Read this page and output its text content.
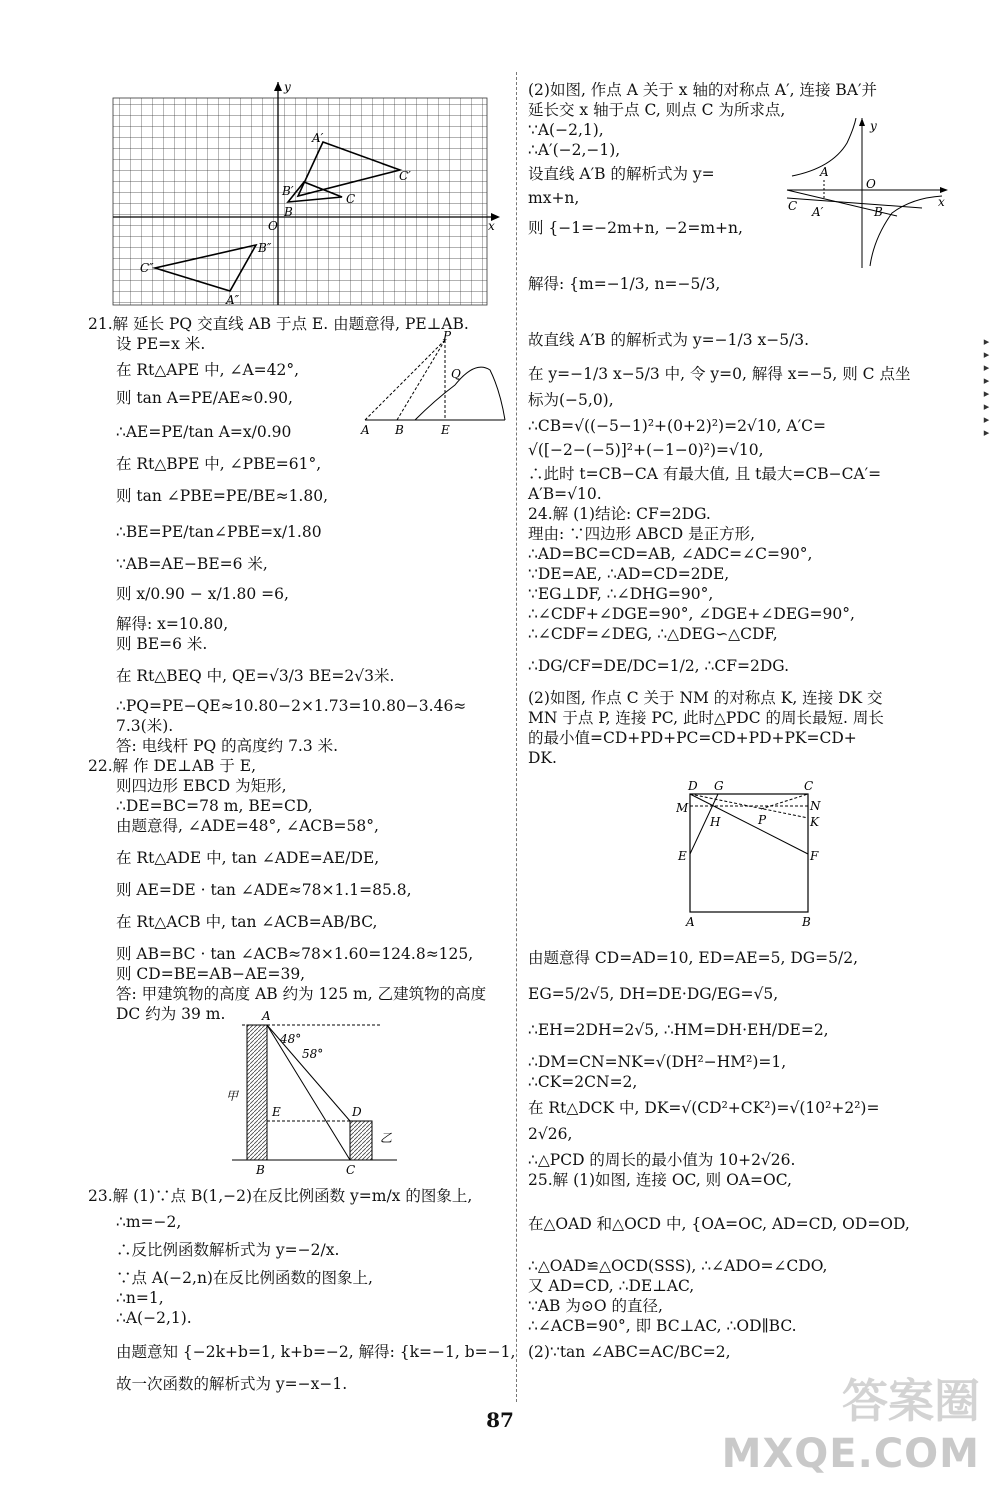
y
x
A′
C′
B′
B
C
O
B″
C″
A″
21.解 延长 PQ 交直线 AB 于点 E. 由题意得, PE⊥AB.
设 PE=x 米.
在 Rt△APE 中, ∠A=42°,
则 tan A=PE/AE≈0.90,
∴AE=PE/tan A=x/0.90
在 Rt△BPE 中, ∠PBE=61°,
则 tan ∠PBE=PE/BE≈1.80,
∴BE=PE/tan∠PBE=x/1.80
∵AB=AE−BE=6 米,
则 x/0.90 − x/1.80 =6,
解得: x=10.80,
则 BE=6 米.
在 Rt△BEQ 中, QE=√3/3 BE=2√3米.
∴PQ=PE−QE≈10.80−2×1.73=10.80−3.46≈
7.3(米).
答: 电线杆 PQ 的高度约 7.3 米.
22.解 作 DE⊥AB 于 E,
则四边形 EBCD 为矩形,
∴DE=BC=78 m, BE=CD,
由题意得, ∠ADE=48°, ∠ACB=58°,
在 Rt△ADE 中, tan ∠ADE=AE/DE,
则 AE=DE · tan ∠ADE≈78×1.1=85.8,
在 Rt△ACB 中, tan ∠ACB=AB/BC,
则 AB=BC · tan ∠ACB≈78×1.60=124.8≈125,
则 CD=BE=AB−AE=39,
答: 甲建筑物的高度 AB 约为 125 m, 乙建筑物的高度
DC 约为 39 m.
P
Q
A B	E
A
48°
58°
甲
E	D
乙
B	C
23.解 (1)∵点 B(1,−2)在反比例函数 y=m/x 的图象上,
∴m=−2,
∴反比例函数解析式为 y=−2/x.
∵点 A(−2,n)在反比例函数的图象上,
∴n=1,
∴A(−2,1).
由题意知 {−2k+b=1, k+b=−2, 解得: {k=−1, b=−1,
故一次函数的解析式为 y=−x−1.
(2)如图, 作点 A 关于 x 轴的对称点 A′, 连接 BA′并
延长交 x 轴于点 C, 则点 C 为所求点,
∵A(−2,1),
∴A′(−2,−1),
设直线 A′B 的解析式为 y=
mx+n,
则 {−1=−2m+n, −2=m+n,
解得: {m=−1/3, n=−5/3,
故直线 A′B 的解析式为 y=−1/3 x−5/3.
在 y=−1/3 x−5/3 中, 令 y=0, 解得 x=−5, 则 C 点坐
标为(−5,0),
∴CB=√((−5−1)²+(0+2)²)=2√10, A′C=
√([−2−(−5)]²+(−1−0)²)=√10,
∴此时 t=CB−CA 有最大值, 且 t最大=CB−CA′=
A′B=√10.
24.解 (1)结论: CF=2DG.
理由: ∵四边形 ABCD 是正方形,
∴AD=BC=CD=AB, ∠ADC=∠C=90°,
∵DE=AE, ∴AD=CD=2DE,
∵EG⊥DF, ∴∠DHG=90°,
∴∠CDF+∠DGE=90°, ∠DGE+∠DEG=90°,
∴∠CDF=∠DEG, ∴△DEG∽△CDF,
∴DG/CF=DE/DC=1/2, ∴CF=2DG.
(2)如图, 作点 C 关于 NM 的对称点 K, 连接 DK 交
MN 于点 P, 连接 PC, 此时△PDC 的周长最短. 周长
的最小值=CD+PD+PC=CD+PD+PK=CD+
DK.
y
A
O
C A′	B
x
D G	C
M	N
H	P	K
E	F
A	B
由题意得 CD=AD=10, ED=AE=5, DG=5/2,
EG=5/2√5, DH=DE·DG/EG=√5,
∴EH=2DH=2√5, ∴HM=DH·EH/DE=2,
∴DM=CN=NK=√(DH²−HM²)=1,
∴CK=2CN=2,
在 Rt△DCK 中, DK=√(CD²+CK²)=√(10²+2²)=
2√26,
∴△PCD 的周长的最小值为 10+2√26.
25.解 (1)如图, 连接 OC, 则 OA=OC,
在△OAD 和△OCD 中, {OA=OC, AD=CD, OD=OD,
∴△OAD≌△OCD(SSS), ∴∠ADO=∠CDO,
又 AD=CD, ∴DE⊥AC,
∵AB 为⊙O 的直径,
∴∠ACB=90°, 即 BC⊥AC, ∴OD∥BC.
(2)∵tan ∠ABC=AC/BC=2,
▸▸▸▸▸▸▸▸
87	答案圈
MXQE.COM
